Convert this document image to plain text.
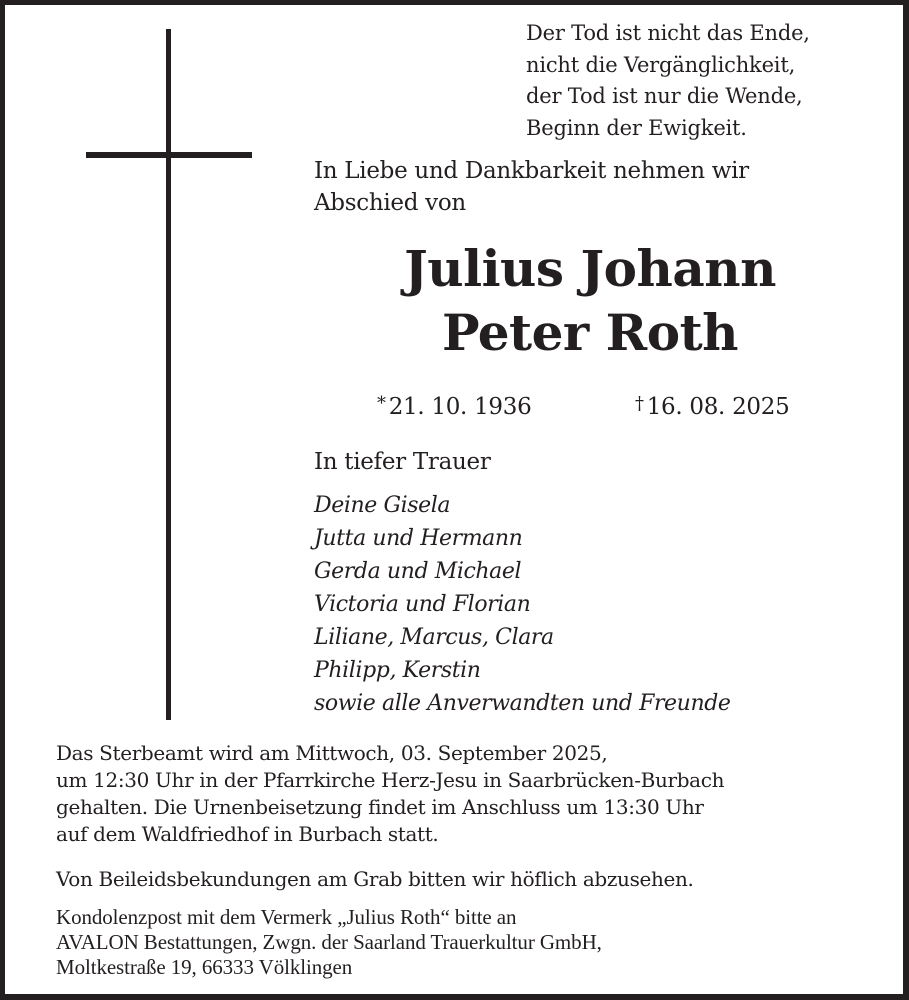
Der Tod ist nicht das Ende,
nicht die Vergänglichkeit,
der Tod ist nur die Wende,
Beginn der Ewigkeit.
In Liebe und Dankbarkeit nehmen wir
Abschied von
Julius Johann
Peter Roth
* 21. 10. 1936	† 16. 08. 2025
In tiefer Trauer
Deine Gisela
Jutta und Hermann
Gerda und Michael
Victoria und Florian
Liliane, Marcus, Clara
Philipp, Kerstin
sowie alle Anverwandten und Freunde
Das Sterbeamt wird am Mittwoch, 03. September 2025,
um 12:30 Uhr in der Pfarrkirche Herz-Jesu in Saarbrücken-Burbach
gehalten. Die Urnenbeisetzung findet im Anschluss um 13:30 Uhr
auf dem Waldfriedhof in Burbach statt.
Von Beileidsbekundungen am Grab bitten wir höflich abzusehen.
Kondolenzpost mit dem Vermerk „Julius Roth“ bitte an
AVALON Bestattungen, Zwgn. der Saarland Trauerkultur GmbH,
Moltkestraße 19, 66333 Völklingen
